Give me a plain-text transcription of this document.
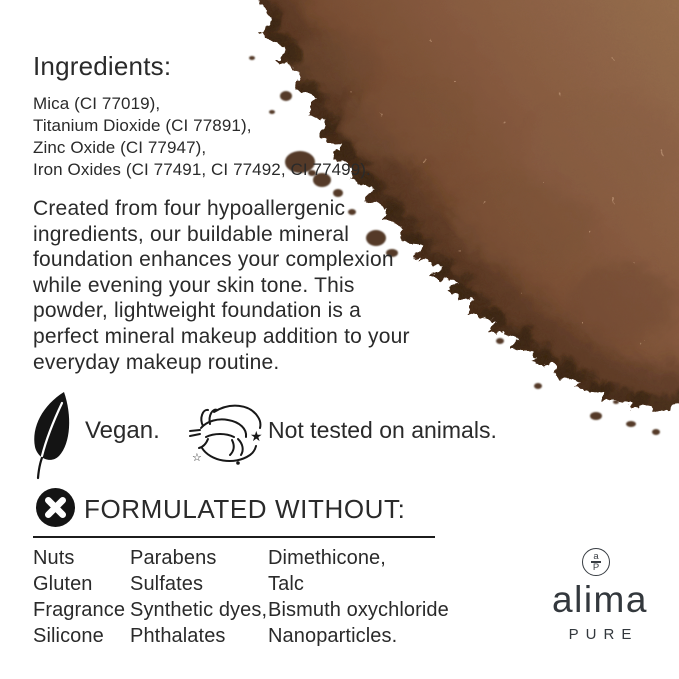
Ingredients:
Mica (CI 77019),
Titanium Dioxide (CI 77891),
Zinc Oxide (CI 77947),
Iron Oxides (CI 77491, CI 77492, CI 77499).
Created from four hypoallergenic
ingredients, our buildable mineral
foundation enhances your complexion
while evening your skin tone. This
powder, lightweight foundation is a
perfect mineral makeup addition to your
everyday makeup routine.
Vegan.	★
☆
Not tested on animals.
FORMULATED WITHOUT:
Nuts
Gluten
Fragrance
Silicone
Parabens
Sulfates
Synthetic dyes,
Phthalates
Dimethicone,
Talc
Bismuth oxychloride
Nanoparticles.
a
P
alima
PURE
